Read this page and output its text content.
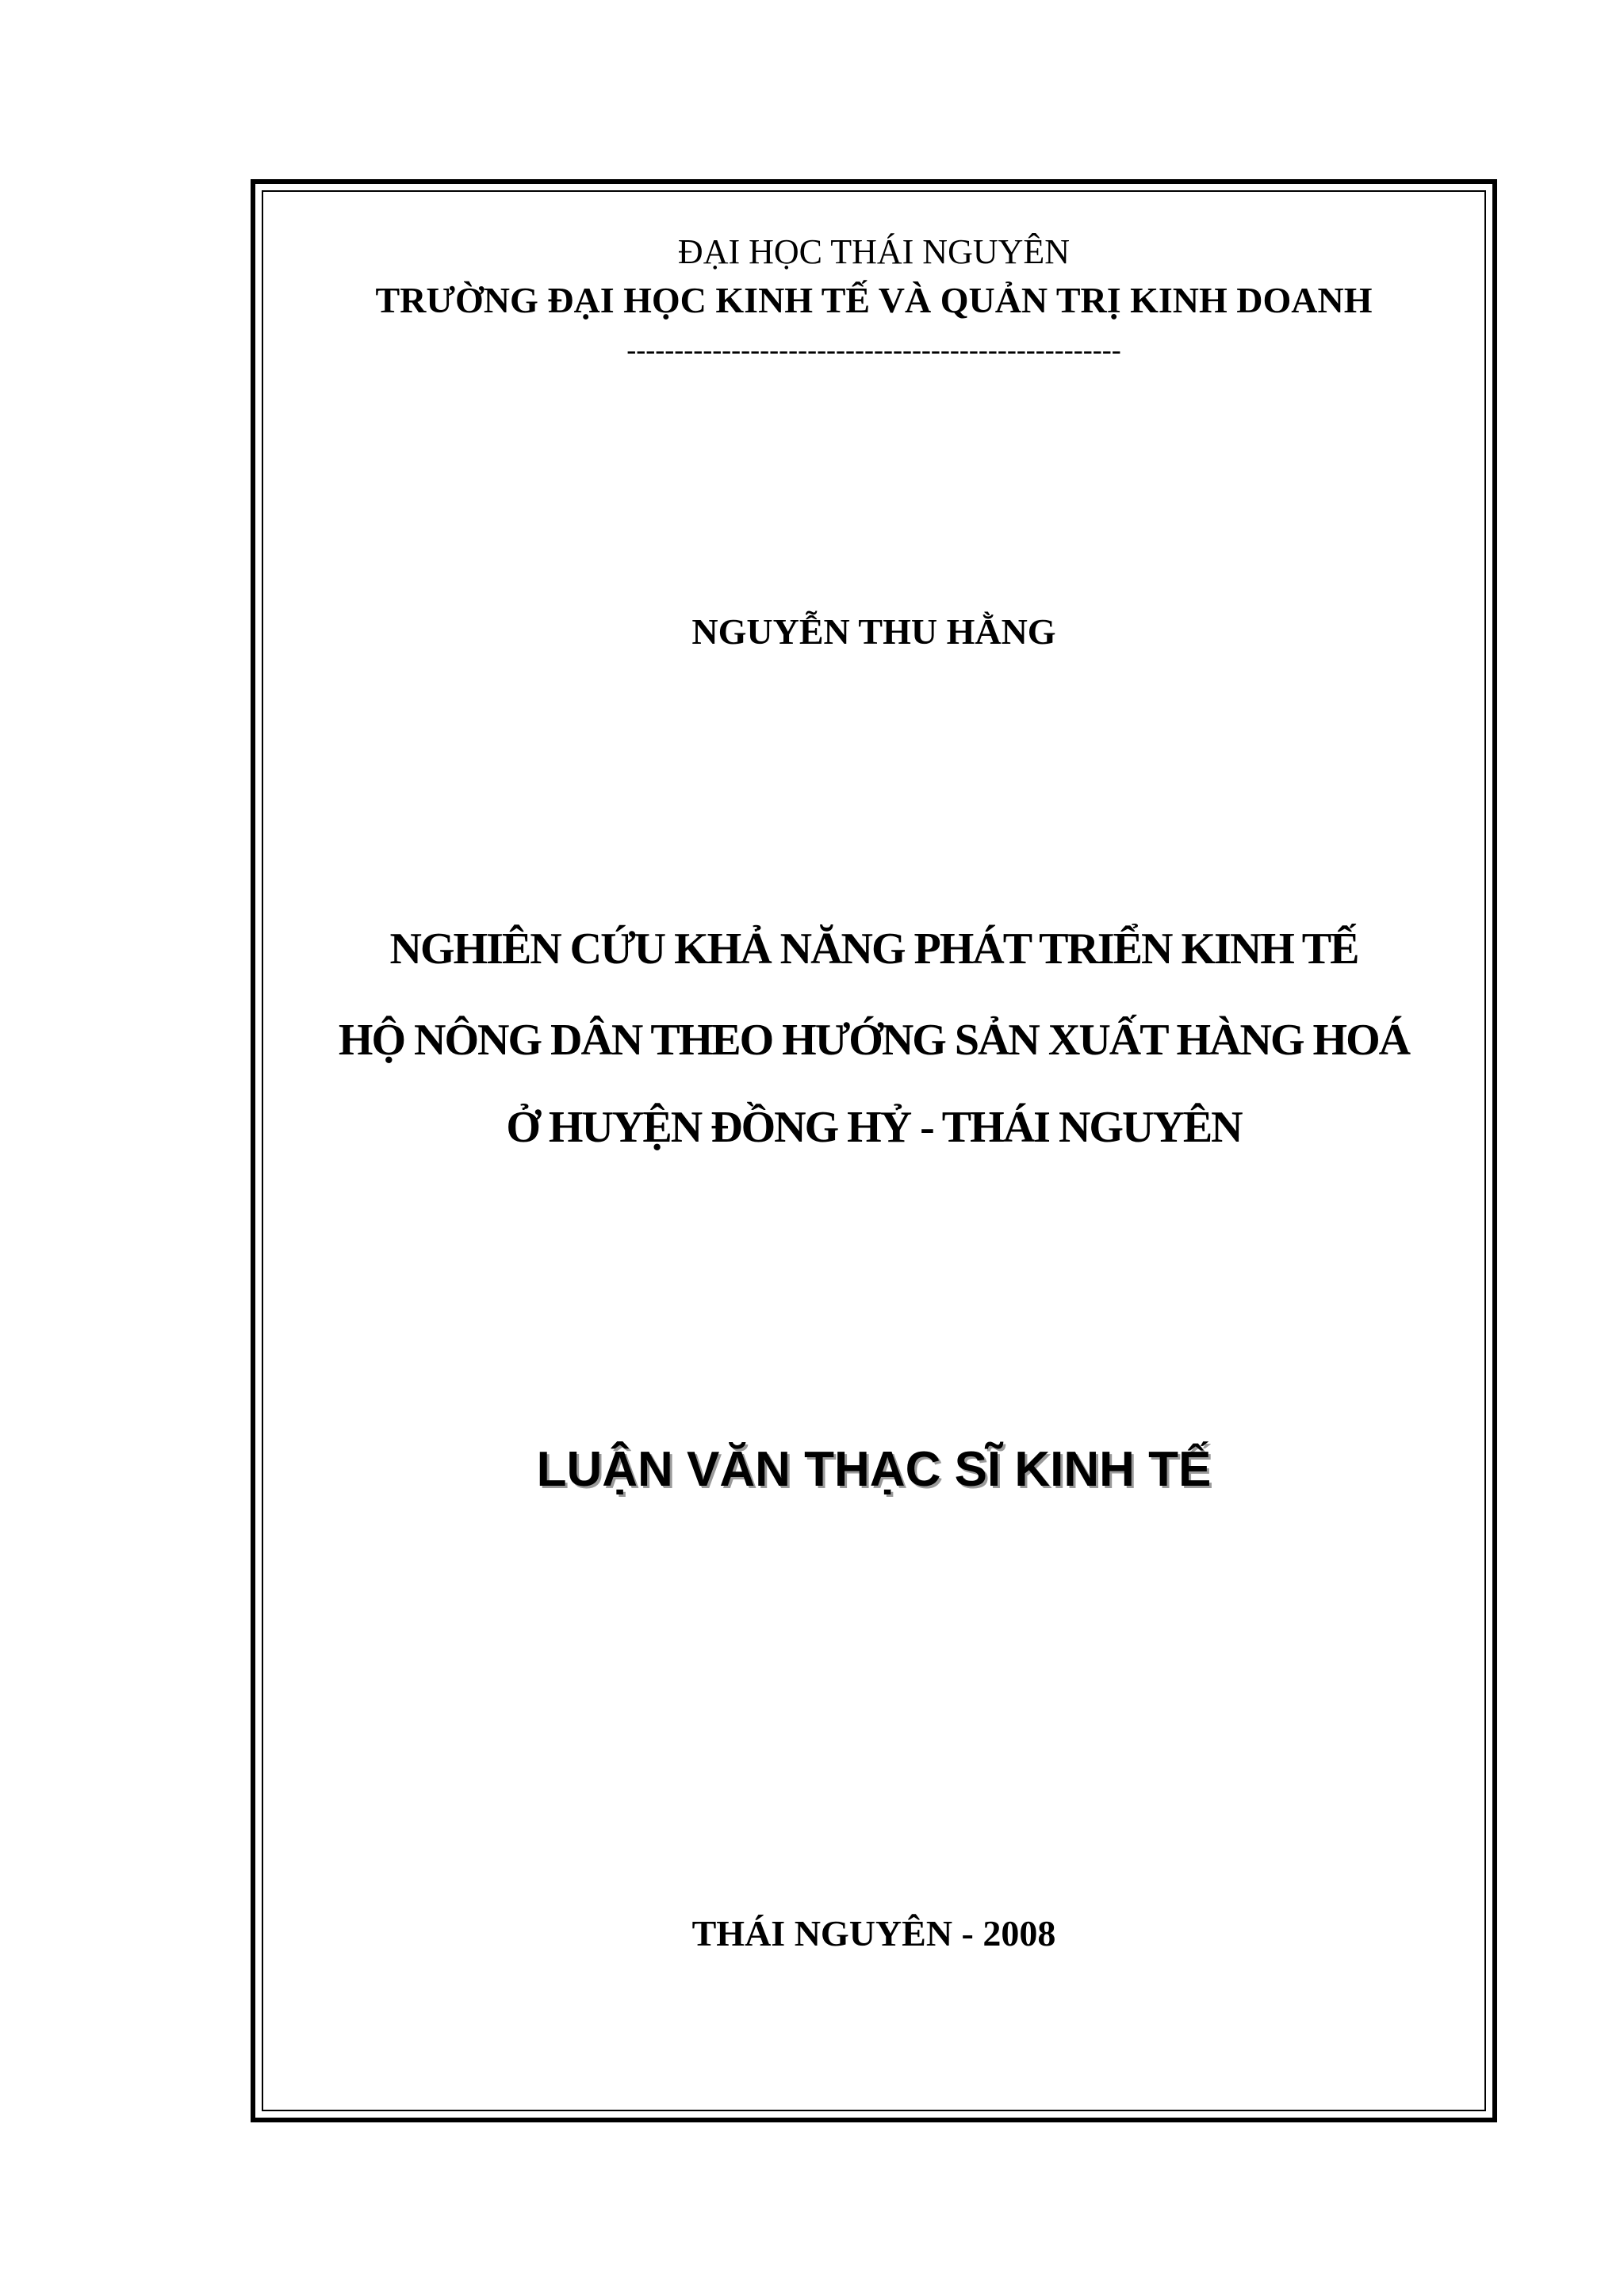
ĐẠI HỌC THÁI NGUYÊN
TRƯỜNG ĐẠI HỌC KINH TẾ VÀ QUẢN TRỊ KINH DOANH
----------------------------------------------------
NGUYỄN THU HẰNG
NGHIÊN CỨU KHẢ NĂNG PHÁT TRIỂN KINH TẾ
HỘ NÔNG DÂN THEO HƯỚNG SẢN XUẤT HÀNG HOÁ
Ở HUYỆN ĐỒNG HỶ - THÁI NGUYÊN
LUẬN VĂN THẠC SĨ KINH TẾ
THÁI NGUYÊN - 2008
